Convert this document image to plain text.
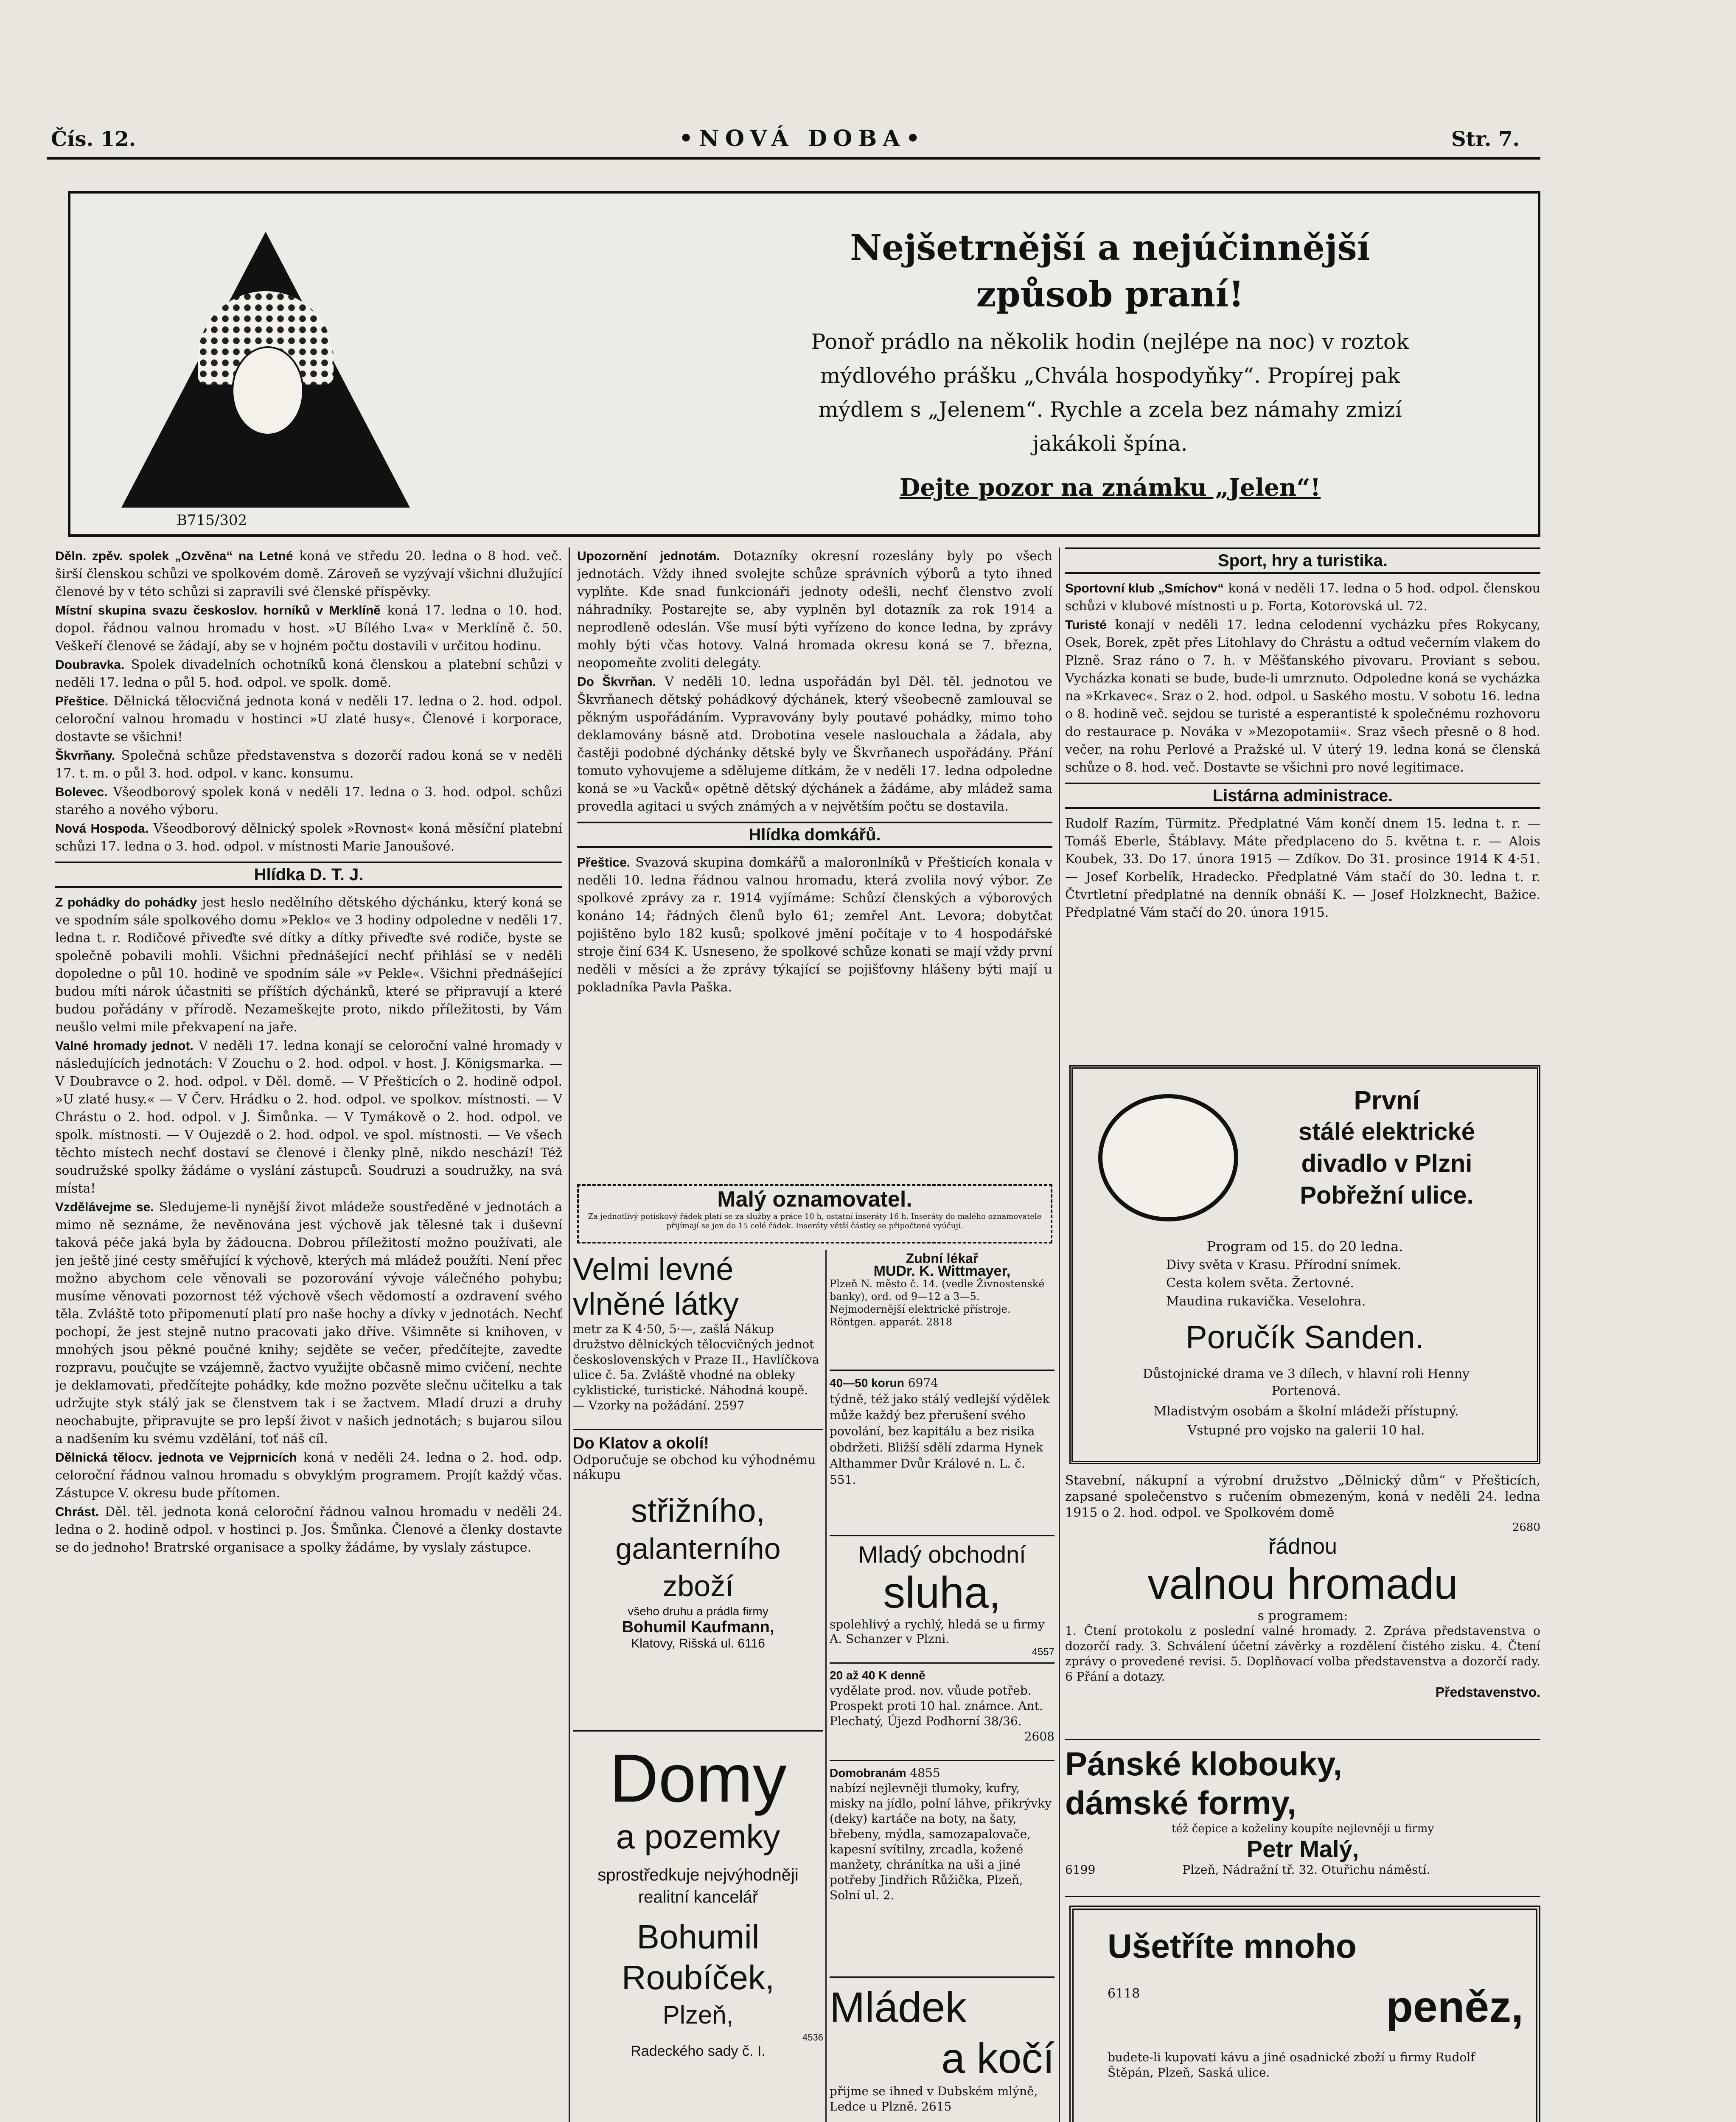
Čís. 12.	•NOVÁ DOBA•	Str. 7.
Nejšetrnější a nejúčinnější
způsob praní!
Ponoř prádlo na několik hodin (nejlépe na noc) v roztok
mýdlového prášku „Chvála hospodyňky“. Propírej pak
mýdlem s „Jelenem“. Rychle a zcela bez námahy zmizí
jakákoli špína.
Dejte pozor na známku „Jelen“!
B715/302

Děln. zpěv. spolek „Ozvěna“ na Letné koná ve středu 20. ledna o 8 hod. več. širší členskou schůzi ve spolkovém domě. Zároveň se vyzývají všichni dlužující členové by v této schůzi si zapravili své členské příspěvky.

Místní skupina svazu českoslov. horníků v Merklíně koná 17. ledna o 10. hod. dopol. řádnou valnou hromadu v host. »U Bílého Lva« v Merklíně č. 50. Veškeří členové se žádají, aby se v hojném počtu dostavili v určitou hodinu.

Doubravka. Spolek divadelních ochotníků koná členskou a platební schůzi v neděli 17. ledna o půl 5. hod. odpol. ve spolk. domě.

Přeštice. Dělnická tělocvičná jednota koná v neděli 17. ledna o 2. hod. odpol. celoroční valnou hromadu v hostinci »U zlaté husy«. Členové i korporace, dostavte se všichni!

Škvrňany. Společná schůze představenstva s dozorčí radou koná se v neděli 17. t. m. o půl 3. hod. odpol. v kanc. konsumu.

Bolevec. Všeodborový spolek koná v neděli 17. ledna o 3. hod. odpol. schůzi starého a nového výboru.

Nová Hospoda. Všeodborový dělnický spolek »Rovnost« koná měsíční platební schůzi 17. ledna o 3. hod. odpol. v místnosti Marie Janoušové.

Hlídka D. T. J.

Z pohádky do pohádky jest heslo nedělního dětského dýchánku, který koná se ve spodním sále spolkového domu »Peklo« ve 3 hodiny odpoledne v neděli 17. ledna t. r. Rodičové přiveďte své dítky a dítky přiveďte své rodiče, byste se společně pobavili mohli. Všichni přednášející nechť přihlásí se v neděli dopoledne o půl 10. hodině ve spodním sále »v Pekle«. Všichni přednášející budou míti nárok účastniti se příštích dýchánků, které se připravují a které budou pořádány v přírodě. Nezameškejte proto, nikdo příležitosti, by Vám neušlo velmi mile překvapení na jaře.

Valné hromady jednot. V neděli 17. ledna konají se celoroční valné hromady v následujících jednotách: V Zouchu o 2. hod. odpol. v host. J. Königsmarka. — V Doubravce o 2. hod. odpol. v Děl. domě. — V Přešticích o 2. hodině odpol. »U zlaté husy.« — V Červ. Hrádku o 2. hod. odpol. ve spolkov. místnosti. — V Chrástu o 2. hod. odpol. v J. Šimůnka. — V Tymákově o 2. hod. odpol. ve spolk. místnosti. — V Oujezdě o 2. hod. odpol. ve spol. místnosti. — Ve všech těchto místech nechť dostaví se členové i členky plně, nikdo neschází! Též soudružské spolky žádáme o vyslání zástupců. Soudruzi a soudružky, na svá místa!

Vzdělávejme se. Sledujeme-li nynější život mládeže soustředěné v jednotách a mimo ně seznáme, že nevěnována jest výchově jak tělesné tak i duševní taková péče jaká byla by žádoucna. Dobrou příležitostí možno používati, ale jen ještě jiné cesty směřující k výchově, kterých má mládež použíti. Není přec možno abychom cele věnovali se pozorování vývoje válečného pohybu; musíme věnovati pozornost též výchově všech vědomostí a ozdravení svého těla. Zvláště toto připomenutí platí pro naše hochy a dívky v jednotách. Nechť pochopí, že jest stejně nutno pracovati jako dříve. Všimněte si knihoven, v mnohých jsou pěkné poučné knihy; sejděte se večer, předčítejte, zavedte rozpravu, poučujte se vzájemně, žactvo využijte občasně mimo cvičení, nechte je deklamovati, předčítejte pohádky, kde možno pozvěte slečnu učitelku a tak udržujte styk stálý jak se členstvem tak i se žactvem. Mladí druzi a druhy neochabujte, připravujte se pro lepší život v našich jednotách; s bujarou silou a nadšením ku svému vzdělání, toť náš cíl.

Dělnická tělocv. jednota ve Vejprnicích koná v neděli 24. ledna o 2. hod. odp. celoroční řádnou valnou hromadu s obvyklým programem. Projít každý včas. Zástupce V. okresu bude přítomen.

Chrást. Děl. těl. jednota koná celoroční řádnou valnou hromadu v neděli 24. ledna o 2. hodině odpol. v hostinci p. Jos. Šmůnka. Členové a členky dostavte se do jednoho! Bratrské organisace a spolky žádáme, by vyslaly zástupce.

Upozornění jednotám. Dotazníky okresní rozeslány byly po všech jednotách. Vždy ihned svolejte schůze správních výborů a tyto ihned vyplňte. Kde snad funkcionáři jednoty odešli, nechť členstvo zvolí náhradníky. Postarejte se, aby vyplněn byl dotazník za rok 1914 a neprodleně odeslán. Vše musí býti vyřízeno do konce ledna, by zprávy mohly býti včas hotovy. Valná hromada okresu koná se 7. března, neopomeňte zvoliti delegáty.

Do Škvrňan. V neděli 10. ledna uspořádán byl Děl. těl. jednotou ve Škvrňanech dětský pohádkový dýchánek, který všeobecně zamlouval se pěkným uspořádáním. Vypravovány byly poutavé pohádky, mimo toho deklamovány básně atd. Drobotina vesele naslouchala a žádala, aby častěji podobné dýchánky dětské byly ve Škvrňanech uspořádány. Přání tomuto vyhovujeme a sdělujeme dítkám, že v neděli 17. ledna odpoledne koná se »u Vacků« opětně dětský dýchánek a žádáme, aby mládež sama provedla agitaci u svých známých a v největším počtu se dostavila.

Hlídka domkářů.

Přeštice. Svazová skupina domkářů a maloronlníků v Přešticích konala v neděli 10. ledna řádnou valnou hromadu, která zvolila nový výbor. Ze spolkové zprávy za r. 1914 vyjímáme: Schůzí členských a výborových konáno 14; řádných členů bylo 61; zemřel Ant. Levora; dobytčat pojištěno bylo 182 kusů; spolkové jmění počítaje v to 4 hospodářské stroje činí 634 K. Usneseno, že spolkové schůze konati se mají vždy první neděli v měsíci a že zprávy týkající se pojišťovny hlášeny býti mají u pokladníka Pavla Paška.

Malý oznamovatel.
Za jednotlivý potiskový řádek platí se za služby a práce 10 h, ostatní inseráty 16 h. Inseráty do malého oznamovatele přijímají se jen do 15 celé řádek. Inseráty větší částky se připočtené vyúčují.
Velmi levné
vlněné látky
metr za K 4·50, 5·—, zašlá Nákup družstvo dělnických tělocvičných jednot československých v Praze II., Havlíčkova ulice č. 5a. Zvláště vhodné na obleky cyklistické, turistické. Náhodná koupě. — Vzorky na požádání. 2597
Do Klatov a okolí!
Odporučuje se obchod ku výhodnému nákupu
střižního,
galanterního
zboží
všeho druhu a prádla firmy
Bohumil Kaufmann,
Klatovy, Rišská ul. 6116
Domy
a pozemky
sprostředkuje nejvýhodněji
realitní kancelář
Bohumil
Roubíček,
Plzeň,
4536
Radeckého sady č. I.
Zubní lékař
MUDr. K. Wittmayer,
Plzeň N. město č. 14. (vedle Živnostenské banky), ord. od 9—12 a 3—5. Nejmodernější elektrické přístroje. Röntgen. apparát. 2818
40—50 korun 6974
týdně, též jako stálý vedlejší výdělek může každý bez přerušení svého povolání, bez kapitálu a bez risika obdržeti. Bližší sdělí zdarma Hynek Althammer Dvůr Králové n. L. č. 551.
Mladý obchodní
sluha,
spolehlivý a rychlý, hledá se u firmy A. Schanzer v Plzni.
4557
20 až 40 K denně
vydělate prod. nov. vůude potřeb. Prospekt proti 10 hal. známce. Ant. Plechatý, Újezd Podhorní 38/36.
2608
Domobranám 4855
nabízí nejlevněji tlumoky, kufry, misky na jídlo, polní láhve, přikrývky (deky) kartáče na boty, na šaty, břebeny, mýdla, samozapalovače, kapesní svítilny, zrcadla, kožené manžety, chránítka na uši a jiné potřeby Jindřich Růžička, Plzeň, Solní ul. 2.
Mládek
a kočí
přijme se ihned v Dubském mlýně, Ledce u Plzně. 2615
Sport, hry a turistika.

Sportovní klub „Smíchov“ koná v neděli 17. ledna o 5 hod. odpol. členskou schůzi v klubové místnosti u p. Forta, Kotorovská ul. 72.

Turisté konají v neděli 17. ledna celodenní vycházku přes Rokycany, Osek, Borek, zpět přes Litohlavy do Chrástu a odtud večerním vlakem do Plzně. Sraz ráno o 7. h. v Měšťanského pivovaru. Proviant s sebou. Vycházka konati se bude, bude-li umrznuto. Odpoledne koná se vycházka na »Krkavec«. Sraz o 2. hod. odpol. u Saského mostu. V sobotu 16. ledna o 8. hodině več. sejdou se turisté a esperantisté k společnému rozhovoru do restaurace p. Nováka v »Mezopotamii«. Sraz všech přesně o 8 hod. večer, na rohu Perlové a Pražské ul. V úterý 19. ledna koná se členská schůze o 8. hod. več. Dostavte se všichni pro nové legitimace.

Listárna administrace.

Rudolf Razím, Türmitz. Předplatné Vám končí dnem 15. ledna t. r. — Tomáš Eberle, Štáblavy. Máte předplaceno do 5. května t. r. — Alois Koubek, 33. Do 17. února 1915 — Zdíkov. Do 31. prosince 1914 K 4·51. — Josef Korbelík, Hradecko. Předplatné Vám stačí do 30. ledna t. r. Čtvrtletní předplatné na denník obnáší K. — Josef Holzknecht, Bažice. Předplatné Vám stačí do 20. února 1915.

První
stálé elektrické
divadlo v Plzni
Pobřežní ulice.
Program od 15. do 20 ledna.
Divy světa v Krasu. Přírodní snímek.
Cesta kolem světa. Žertovné.
Maudina rukavička. Veselohra.
Poručík Sanden.
Důstojnické drama ve 3 dílech, v hlavní roli Henny Portenová.
Mladistvým osobám a školní mládeži přístupný.
Vstupné pro vojsko na galerii 10 hal.
Stavební, nákupní a výrobní družstvo „Dělnický dům“ v Přešticích, zapsané společenstvo s ručením obmezeným, koná v neděli 24. ledna 1915 o 2. hod. odpol. ve Spolkovém domě
2680
řádnou
valnou hromadu
s programem:
1. Čtení protokolu z poslední valné hromady. 2. Zpráva představenstva o dozorčí rady. 3. Schválení účetní závěrky a rozdělení čistého zisku. 4. Čtení zprávy o provedené revisi. 5. Doplňovací volba představenstva a dozorčí rady. 6 Přání a dotazy.
Představenstvo.
Pánské klobouky,
dámské formy,
též čepice a koželiny koupíte nejlevněji u firmy
Petr Malý,
6199	Plzeň, Nádražní tř. 32. Otuřichu náměstí.
Ušetříte mnoho
6118	peněz,
budete-li kupovati kávu a jiné osadnické zboží u firmy Rudolf Štěpán, Plzeň, Saská ulice.
